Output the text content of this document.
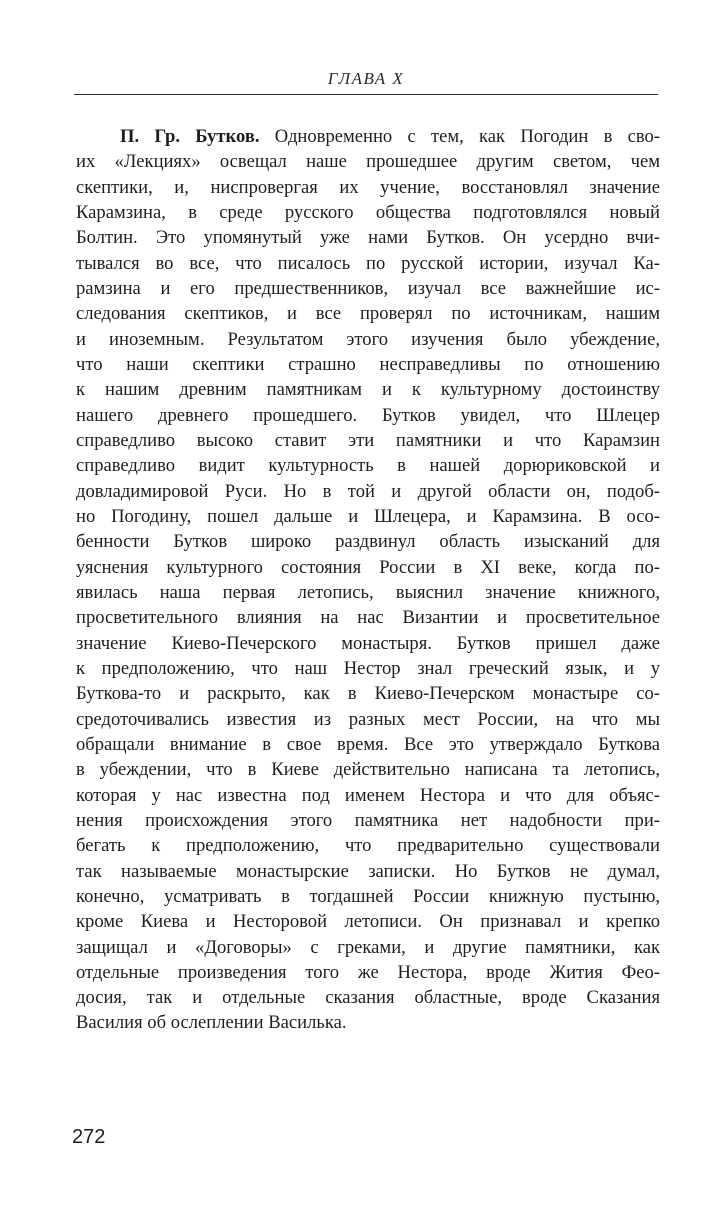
ГЛАВА X
П. Гр. Бутков. Одновременно с тем, как Погодин в сво-
их «Лекциях» освещал наше прошедшее другим светом, чем
скептики, и, ниспровергая их учение, восстановлял значение
Карамзина, в среде русского общества подготовлялся новый
Болтин. Это упомянутый уже нами Бутков. Он усердно вчи-
тывался во все, что писалось по русской истории, изучал Ка-
рамзина и его предшественников, изучал все важнейшие ис-
следования скептиков, и все проверял по источникам, нашим
и иноземным. Результатом этого изучения было убеждение,
что наши скептики страшно несправедливы по отношению
к нашим древним памятникам и к культурному достоинству
нашего древнего прошедшего. Бутков увидел, что Шлецер
справедливо высоко ставит эти памятники и что Карамзин
справедливо видит культурность в нашей дорюриковской и
довладимировой Руси. Но в той и другой области он, подоб-
но Погодину, пошел дальше и Шлецера, и Карамзина. В осо-
бенности Бутков широко раздвинул область изысканий для
уяснения культурного состояния России в XI веке, когда по-
явилась наша первая летопись, выяснил значение книжного,
просветительного влияния на нас Византии и просветительное
значение Киево-Печерского монастыря. Бутков пришел даже
к предположению, что наш Нестор знал греческий язык, и у
Буткова-то и раскрыто, как в Киево-Печерском монастыре со-
средоточивались известия из разных мест России, на что мы
обращали внимание в свое время. Все это утверждало Буткова
в убеждении, что в Киеве действительно написана та летопись,
которая у нас известна под именем Нестора и что для объяс-
нения происхождения этого памятника нет надобности при-
бегать к предположению, что предварительно существовали
так называемые монастырские записки. Но Бутков не думал,
конечно, усматривать в тогдашней России книжную пустыню,
кроме Киева и Несторовой летописи. Он признавал и крепко
защищал и «Договоры» с греками, и другие памятники, как
отдельные произведения того же Нестора, вроде Жития Фео-
досия, так и отдельные сказания областные, вроде Сказания
Василия об ослеплении Василька.
272
